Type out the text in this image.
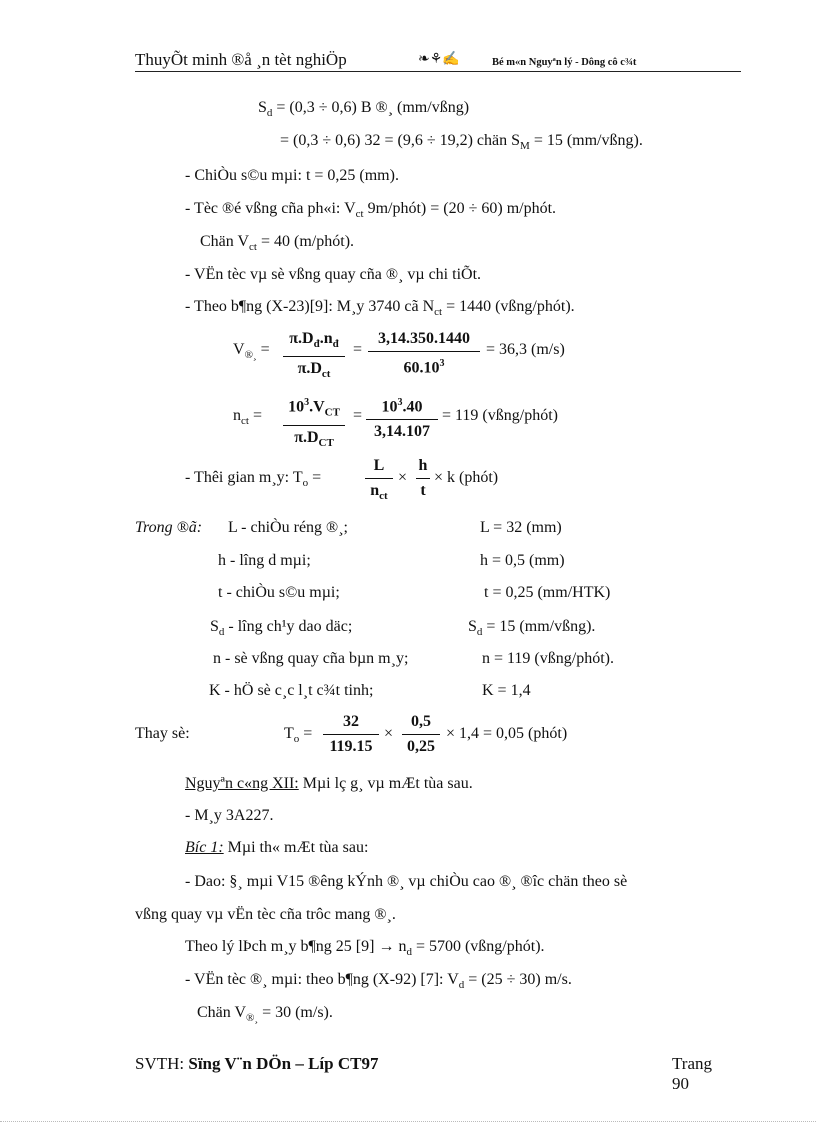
ThuyÕt minh ®å ¸n tèt nghiÖp	❧⚘✍	Bé m«n Nguyªn lý - Dông cô c¾t
$S_d = (0,3 \div 0,6)$ B ®¸ (mm/vßng)
= (0,3 ÷ 0,6) 32 = (9,6 ÷ 19,2) chän $S_M = 15$ (mm/vßng).
- ChiÒu s©u mµi: t = 0,25 (mm).
- Tèc ®é vßng cña ph«i: $V_{ct}$ 9m/phót) = (20 ÷ 60) m/phót.
Chän $V_{ct} = 40$ (m/phót).
- VËn tèc vµ sè vßng quay cña ®¸ vµ chi tiÕt.
- Theo b¶ng (X-23)[9]: M¸y 3740 cã $N_{ct} = 1440$ (vßng/phót).
$V_{®¸}$ =
$\pi.D_đ.n_đ$
$\pi.D_{ct}$
=
3,14.350.1440
$60.10^3$
= 36,3 (m/s)
$n_{ct}$ =
$10^3.V_{CT}$
$\pi.D_{CT}$
=
$10^3.40$
3,14.107
= 119 (vßng/phót)
- Thêi gian m¸y: $T_o$ =
L
$n_{ct}$
×
h
t
× k (phót)
Trong ®ã: L - chiÒu réng ®¸;	L = 32 (mm)
h - lîng d mµi;	h = 0,5 (mm)
t - chiÒu s©u mµi;	t = 0,25 (mm/HTK)
$S_d$ - lîng ch¹y dao däc;	$S_d = 15$ (mm/vßng).
n - sè vßng quay cña bµn m¸y;	n = 119 (vßng/phót).
K - hÖ sè c¸c l¸t c¾t tinh;	K = 1,4
Thay sè:	$T_o$ =
32
119.15
×
0,5
0,25
× 1,4 = 0,05 (phót)
Nguyªn c«ng XII: Mµi lç g¸ vµ mÆt tùa sau.
- M¸y 3A227.
Bíc 1: Mµi th« mÆt tùa sau:
- Dao: §¸ mµi V15 ®êng kÝnh ®¸ vµ chiÒu cao ®¸ ®îc chän theo sè
vßng quay vµ vËn tèc cña trôc mang ®¸.
Theo lý lÞch m¸y b¶ng 25 $[9] \to n_d = 5700$ (vßng/phót).
- VËn tèc ®¸ mµi: theo b¶ng (X-92) [7]: $V_d = (25 \div 30)$ m/s.
Chän $V_{®¸} = 30$ (m/s).
SVTH: Sïng V¨n DÖn – Líp CT97	Trang 90
